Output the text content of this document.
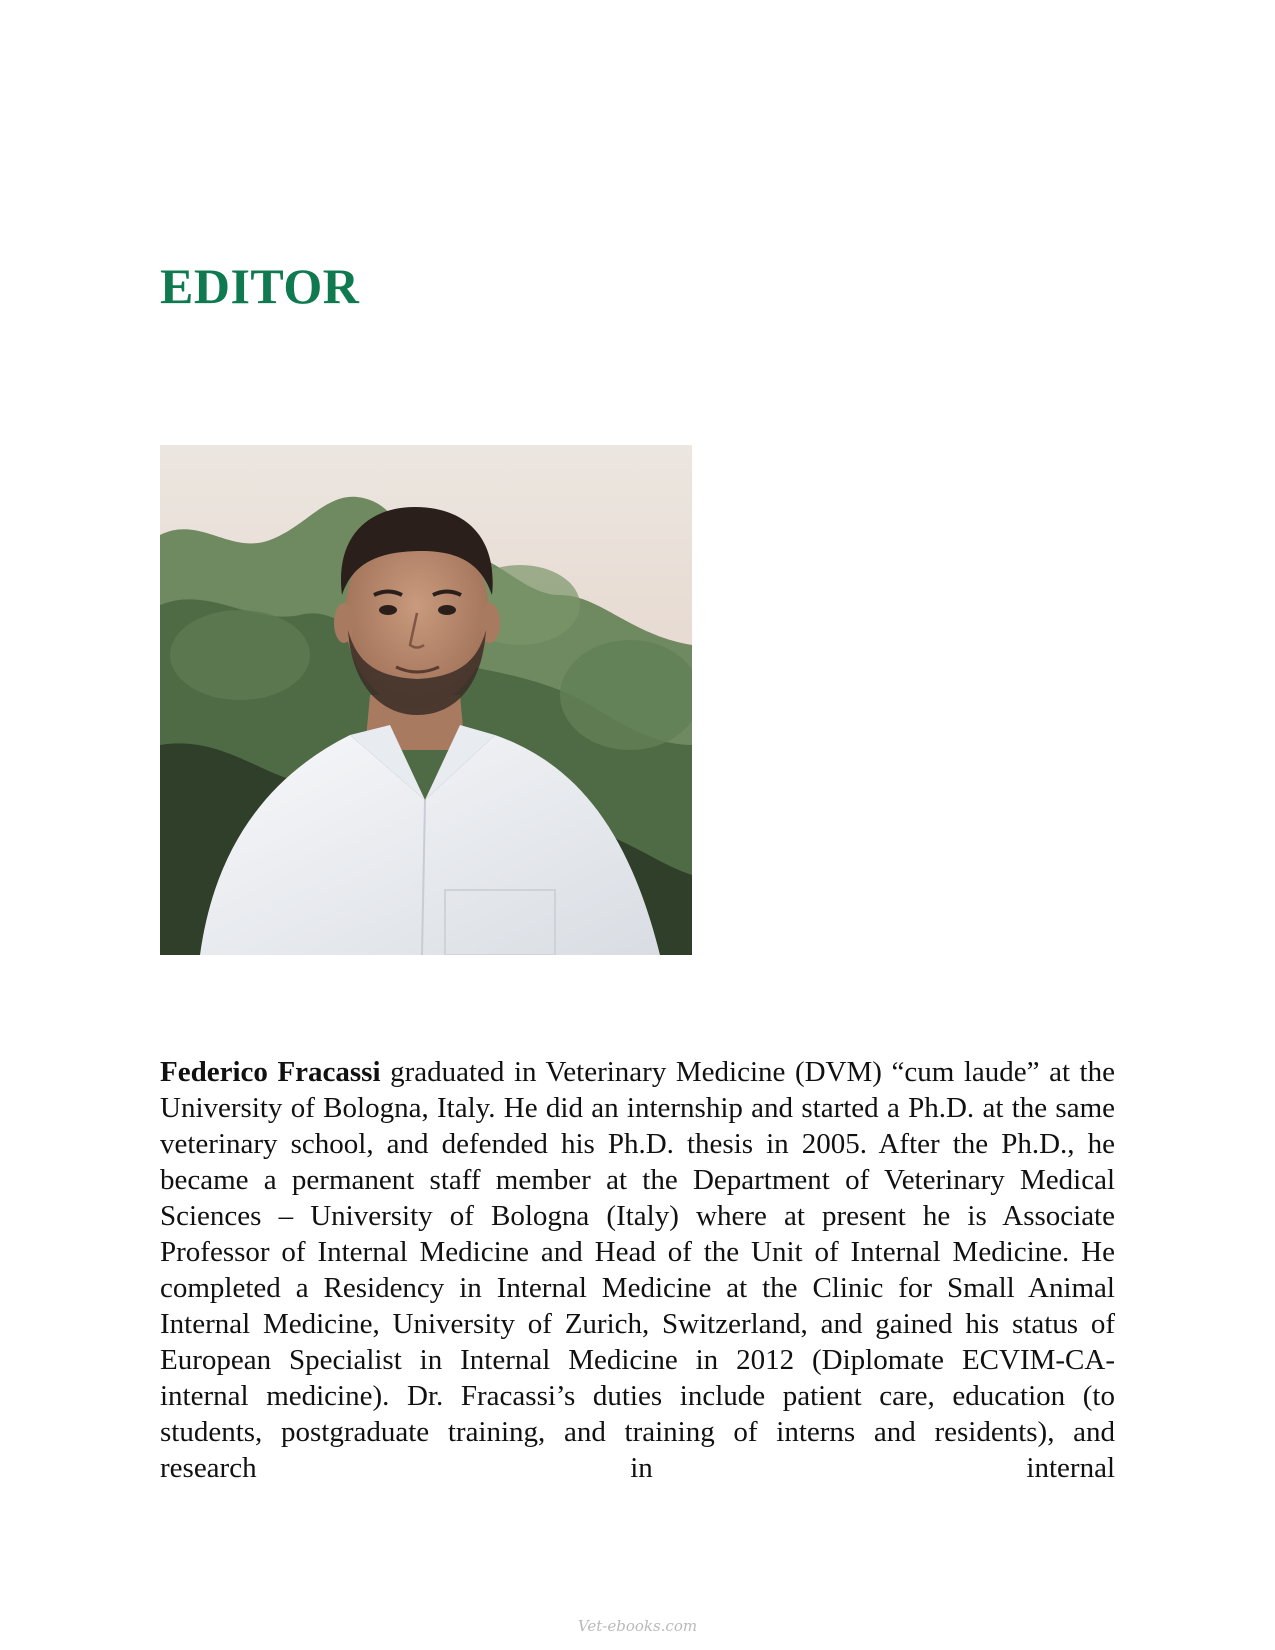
EDITOR

Federico Fracassi graduated in Veterinary Medicine (DVM) “cum laude” at the University of Bologna, Italy. He did an internship and started a Ph.D. at the same veterinary school, and defended his Ph.D. thesis in 2005. After the Ph.D., he became a permanent staff member at the Department of Veterinary Medical Sciences – University of Bologna (Italy) where at present he is Associate Professor of Internal Medicine and Head of the Unit of Internal Medicine. He completed a Residency in Internal Medicine at the Clinic for Small Animal Internal Medicine, University of Zurich, Switzerland, and gained his status of European Specialist in Internal Medicine in 2012 (Diplomate ECVIM-CA-internal medicine). Dr. Fracassi’s duties include patient care, education (to students, postgraduate training, and training of interns and residents), and research in internal

Vet-ebooks.com
